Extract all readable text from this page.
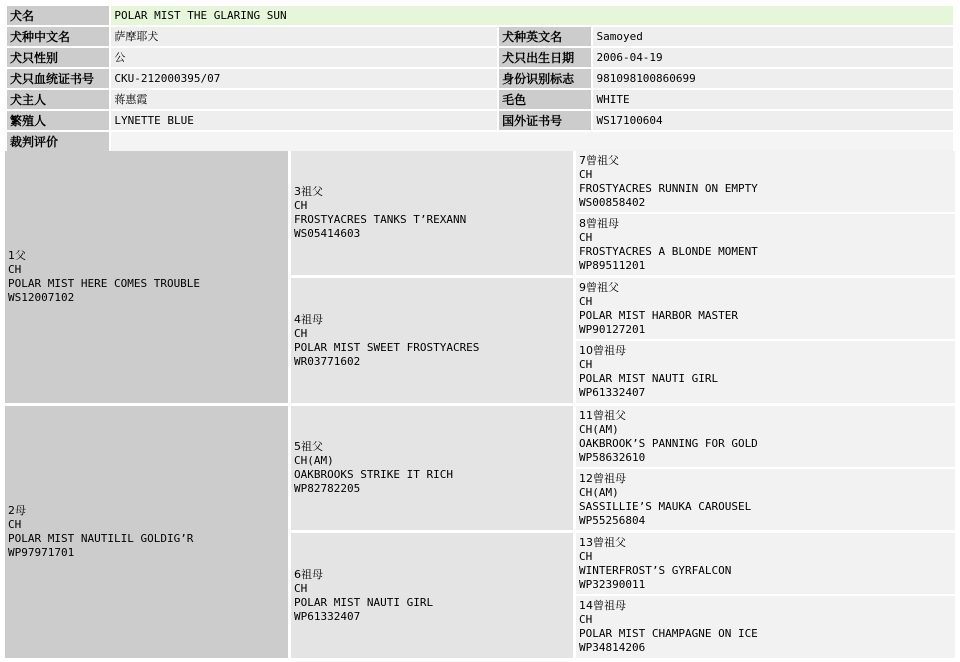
犬名	POLAR MIST THE GLARING SUN		
犬种中文名	萨摩耶犬	犬种英文名	Samoyed
犬只性别	公	犬只出生日期	2006-04-19
犬只血统证书号	CKU-212000395/07	身份识别标志	981098100860699
犬主人	蒋惠霞	毛色	WHITE
繁殖人	LYNETTE BLUE	国外证书号	WS17100604
裁判评价			
1父
CH
POLAR MIST HERE COMES TROUBLE
WS12007102
2母
CH
POLAR MIST NAUTILIL GOLDIG’R
WP97971701
3祖父
CH
FROSTYACRES TANKS T’REXANN
WS05414603
4祖母
CH
POLAR MIST SWEET FROSTYACRES
WR03771602
5祖父
CH(AM)
OAKBROOKS STRIKE IT RICH
WP82782205
6祖母
CH
POLAR MIST NAUTI GIRL
WP61332407
7曾祖父
CH
FROSTYACRES RUNNIN ON EMPTY
WS00858402
8曾祖母
CH
FROSTYACRES A BLONDE MOMENT
WP89511201
9曾祖父
CH
POLAR MIST HARBOR MASTER
WP90127201
10曾祖母
CH
POLAR MIST NAUTI GIRL
WP61332407
11曾祖父
CH(AM)
OAKBROOK’S PANNING FOR GOLD
WP58632610
12曾祖母
CH(AM)
SASSILLIE’S MAUKA CAROUSEL
WP55256804
13曾祖父
CH
WINTERFROST’S GYRFALCON
WP32390011
14曾祖母
CH
POLAR MIST CHAMPAGNE ON ICE
WP34814206
